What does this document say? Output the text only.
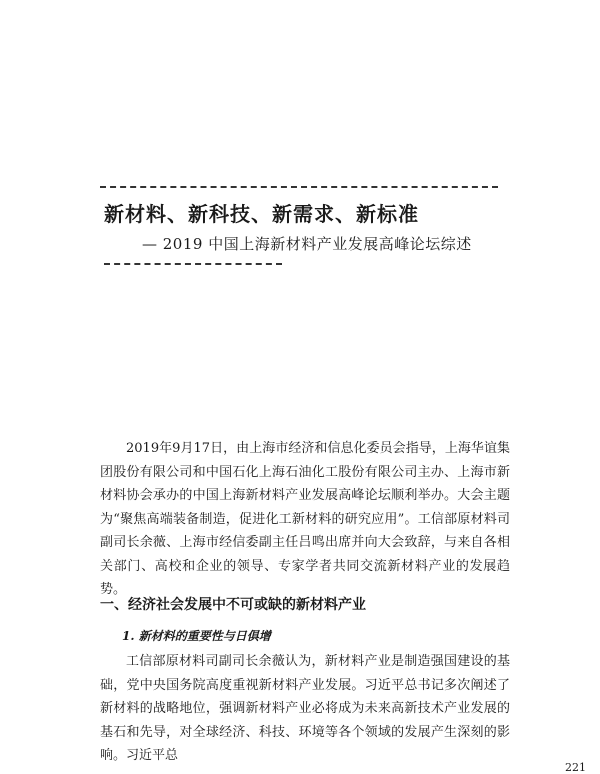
新材料、新科技、新需求、新标准

— 2019 中国上海新材料产业发展高峰论坛综述

2019年9月17日，由上海市经济和信息化委员会指导，上海华谊集团股份有限公司和中国石化上海石油化工股份有限公司主办、上海市新材料协会承办的中国上海新材料产业发展高峰论坛顺利举办。大会主题为“聚焦高端装备制造，促进化工新材料的研究应用”。工信部原材料司副司长余薇、上海市经信委副主任吕鸣出席并向大会致辞，与来自各相关部门、高校和企业的领导、专家学者共同交流新材料产业的发展趋势。

一、经济社会发展中不可或缺的新材料产业
1. 新材料的重要性与日俱增

工信部原材料司副司长余薇认为，新材料产业是制造强国建设的基础，党中央国务院高度重视新材料产业发展。习近平总书记多次阐述了新材料的战略地位，强调新材料产业必将成为未来高新技术产业发展的基石和先导，对全球经济、科技、环境等各个领域的发展产生深刻的影响。习近平总

221
